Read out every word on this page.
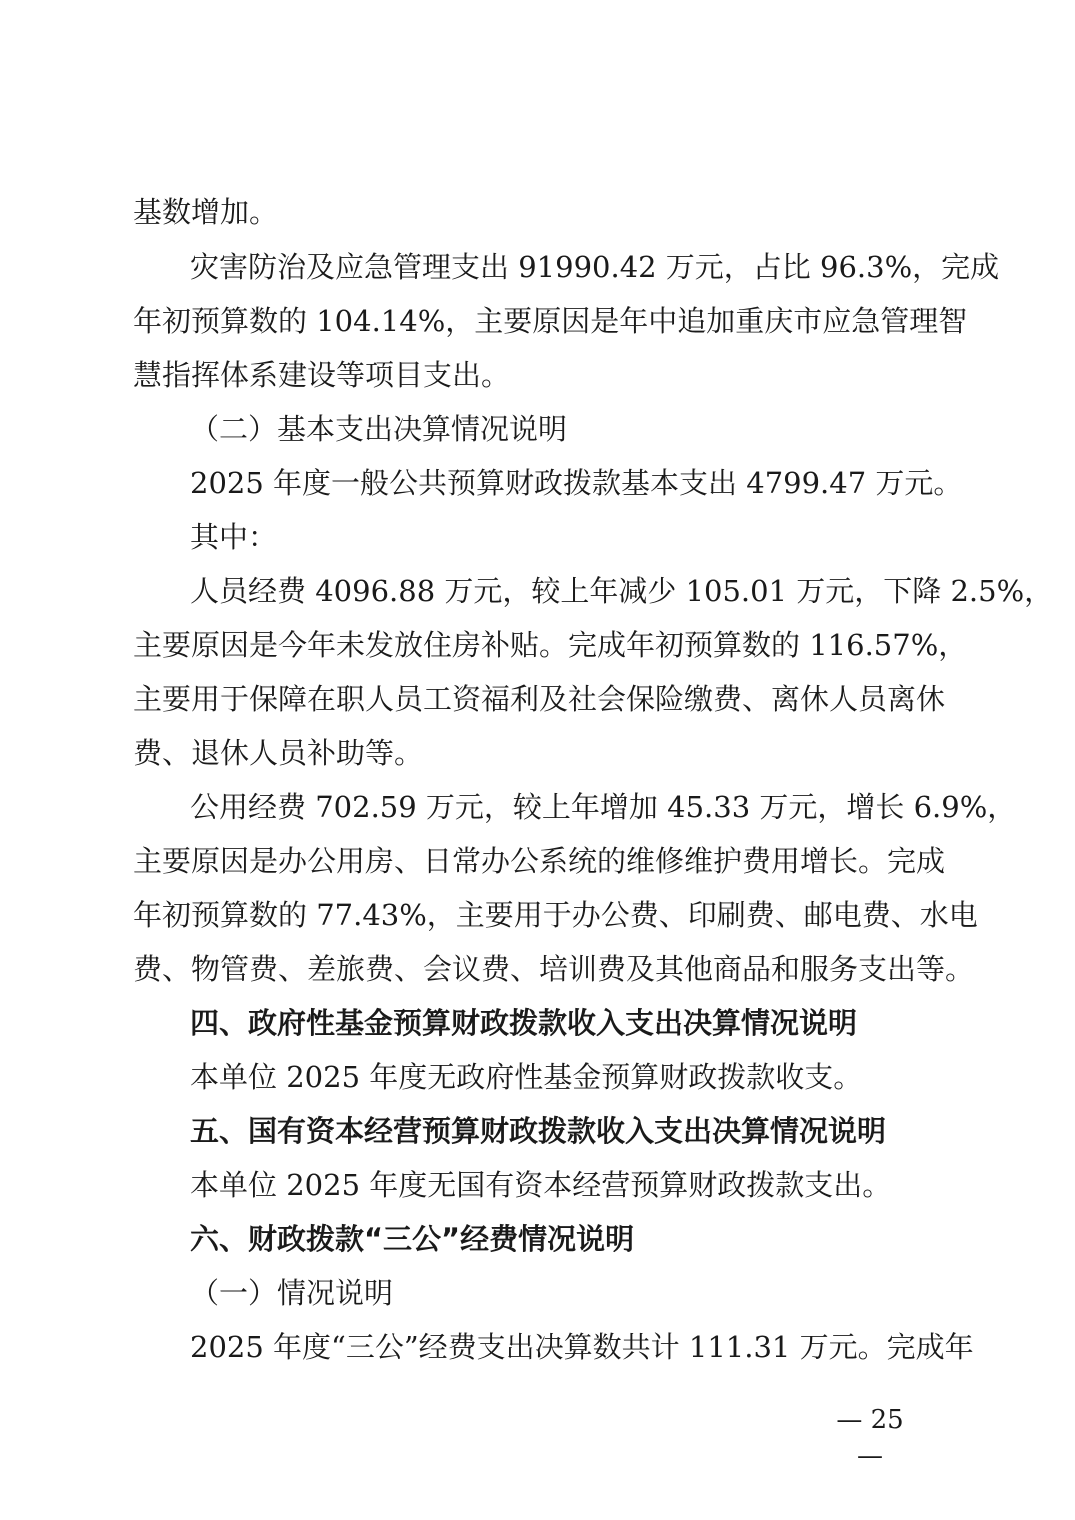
基数增加。
灾害防治及应急管理支出 91990.42 万元，占比 96.3%，完成
年初预算数的 104.14%，主要原因是年中追加重庆市应急管理智
慧指挥体系建设等项目支出。
（二）基本支出决算情况说明
2025 年度一般公共预算财政拨款基本支出 4799.47 万元。
其中：
人员经费 4096.88 万元，较上年减少 105.01 万元，下降 2.5%，
主要原因是今年未发放住房补贴。完成年初预算数的 116.57%，
主要用于保障在职人员工资福利及社会保险缴费、离休人员离休
费、退休人员补助等。
公用经费 702.59 万元，较上年增加 45.33 万元，增长 6.9%，
主要原因是办公用房、日常办公系统的维修维护费用增长。完成
年初预算数的 77.43%，主要用于办公费、印刷费、邮电费、水电
费、物管费、差旅费、会议费、培训费及其他商品和服务支出等。
四、政府性基金预算财政拨款收入支出决算情况说明
本单位 2025 年度无政府性基金预算财政拨款收支。
五、国有资本经营预算财政拨款收入支出决算情况说明
本单位 2025 年度无国有资本经营预算财政拨款支出。
六、财政拨款“三公”经费情况说明
（一）情况说明
2025 年度“三公”经费支出决算数共计 111.31 万元。完成年
— 25 —
